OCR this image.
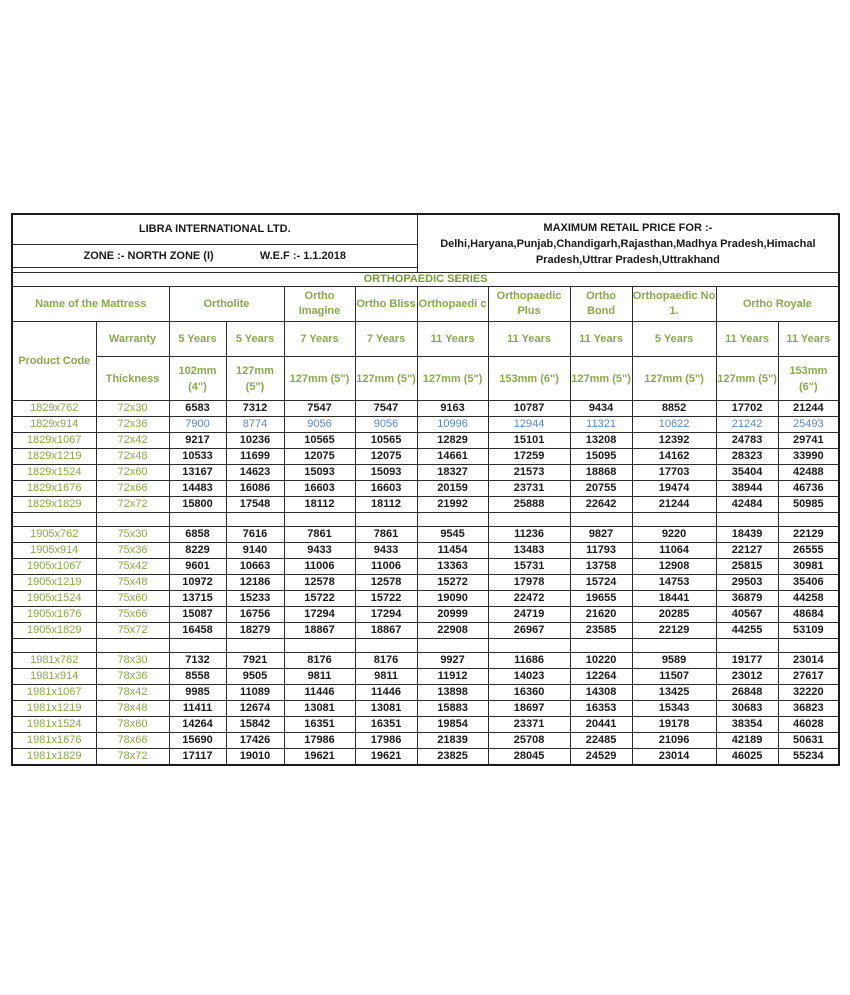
LIBRA INTERNATIONAL LTD.						MAXIMUM RETAIL PRICE FOR :-
Delhi,Haryana,Punjab,Chandigarh,Rajasthan,Madhya Pradesh,Himachal Pradesh,Uttrar Pradesh,Uttrakhand					

ZONE :- NORTH ZONE (I) W.E.F :- 1.1.2018											

ORTHOPAEDIC SERIES											
Name of the Mattress		Ortholite		Ortho Imagine	Ortho Bliss	Orthopaedi c	Orthopaedic Plus	Ortho Bond	Orthopaedic No 1.	Ortho Royale	
Product Code	Warranty	5 Years	5 Years	7 Years	7 Years	11 Years	11 Years	11 Years	5 Years	11 Years	11 Years
	Thickness	102mm (4")	127mm (5")	127mm (5")	127mm (5")	127mm (5")	153mm (6")	127mm (5")	127mm (5")	127mm (5")	153mm (6")
1829x762	72x30	6583	7312	7547	7547	9163	10787	9434	8852	17702	21244
1829x914	72x36	7900	8774	9056	9056	10996	12944	11321	10622	21242	25493
1829x1067	72x42	9217	10236	10565	10565	12829	15101	13208	12392	24783	29741
1829x1219	72x48	10533	11699	12075	12075	14661	17259	15095	14162	28323	33990
1829x1524	72x60	13167	14623	15093	15093	18327	21573	18868	17703	35404	42488
1829x1676	72x66	14483	16086	16603	16603	20159	23731	20755	19474	38944	46736
1829x1829	72x72	15800	17548	18112	18112	21992	25888	22642	21244	42484	50985

1905x762	75x30	6858	7616	7861	7861	9545	11236	9827	9220	18439	22129
1905x914	75x36	8229	9140	9433	9433	11454	13483	11793	11064	22127	26555
1905x1067	75x42	9601	10663	11006	11006	13363	15731	13758	12908	25815	30981
1905x1219	75x48	10972	12186	12578	12578	15272	17978	15724	14753	29503	35406
1905x1524	75x60	13715	15233	15722	15722	19090	22472	19655	18441	36879	44258
1905x1676	75x66	15087	16756	17294	17294	20999	24719	21620	20285	40567	48684
1905x1829	75x72	16458	18279	18867	18867	22908	26967	23585	22129	44255	53109

1981x762	78x30	7132	7921	8176	8176	9927	11686	10220	9589	19177	23014
1981x914	78x36	8558	9505	9811	9811	11912	14023	12264	11507	23012	27617
1981x1067	78x42	9985	11089	11446	11446	13898	16360	14308	13425	26848	32220
1981x1219	78x48	11411	12674	13081	13081	15883	18697	16353	15343	30683	36823
1981x1524	78x60	14264	15842	16351	16351	19854	23371	20441	19178	38354	46028
1981x1676	78x66	15690	17426	17986	17986	21839	25708	22485	21096	42189	50631
1981x1829	78x72	17117	19010	19621	19621	23825	28045	24529	23014	46025	55234
